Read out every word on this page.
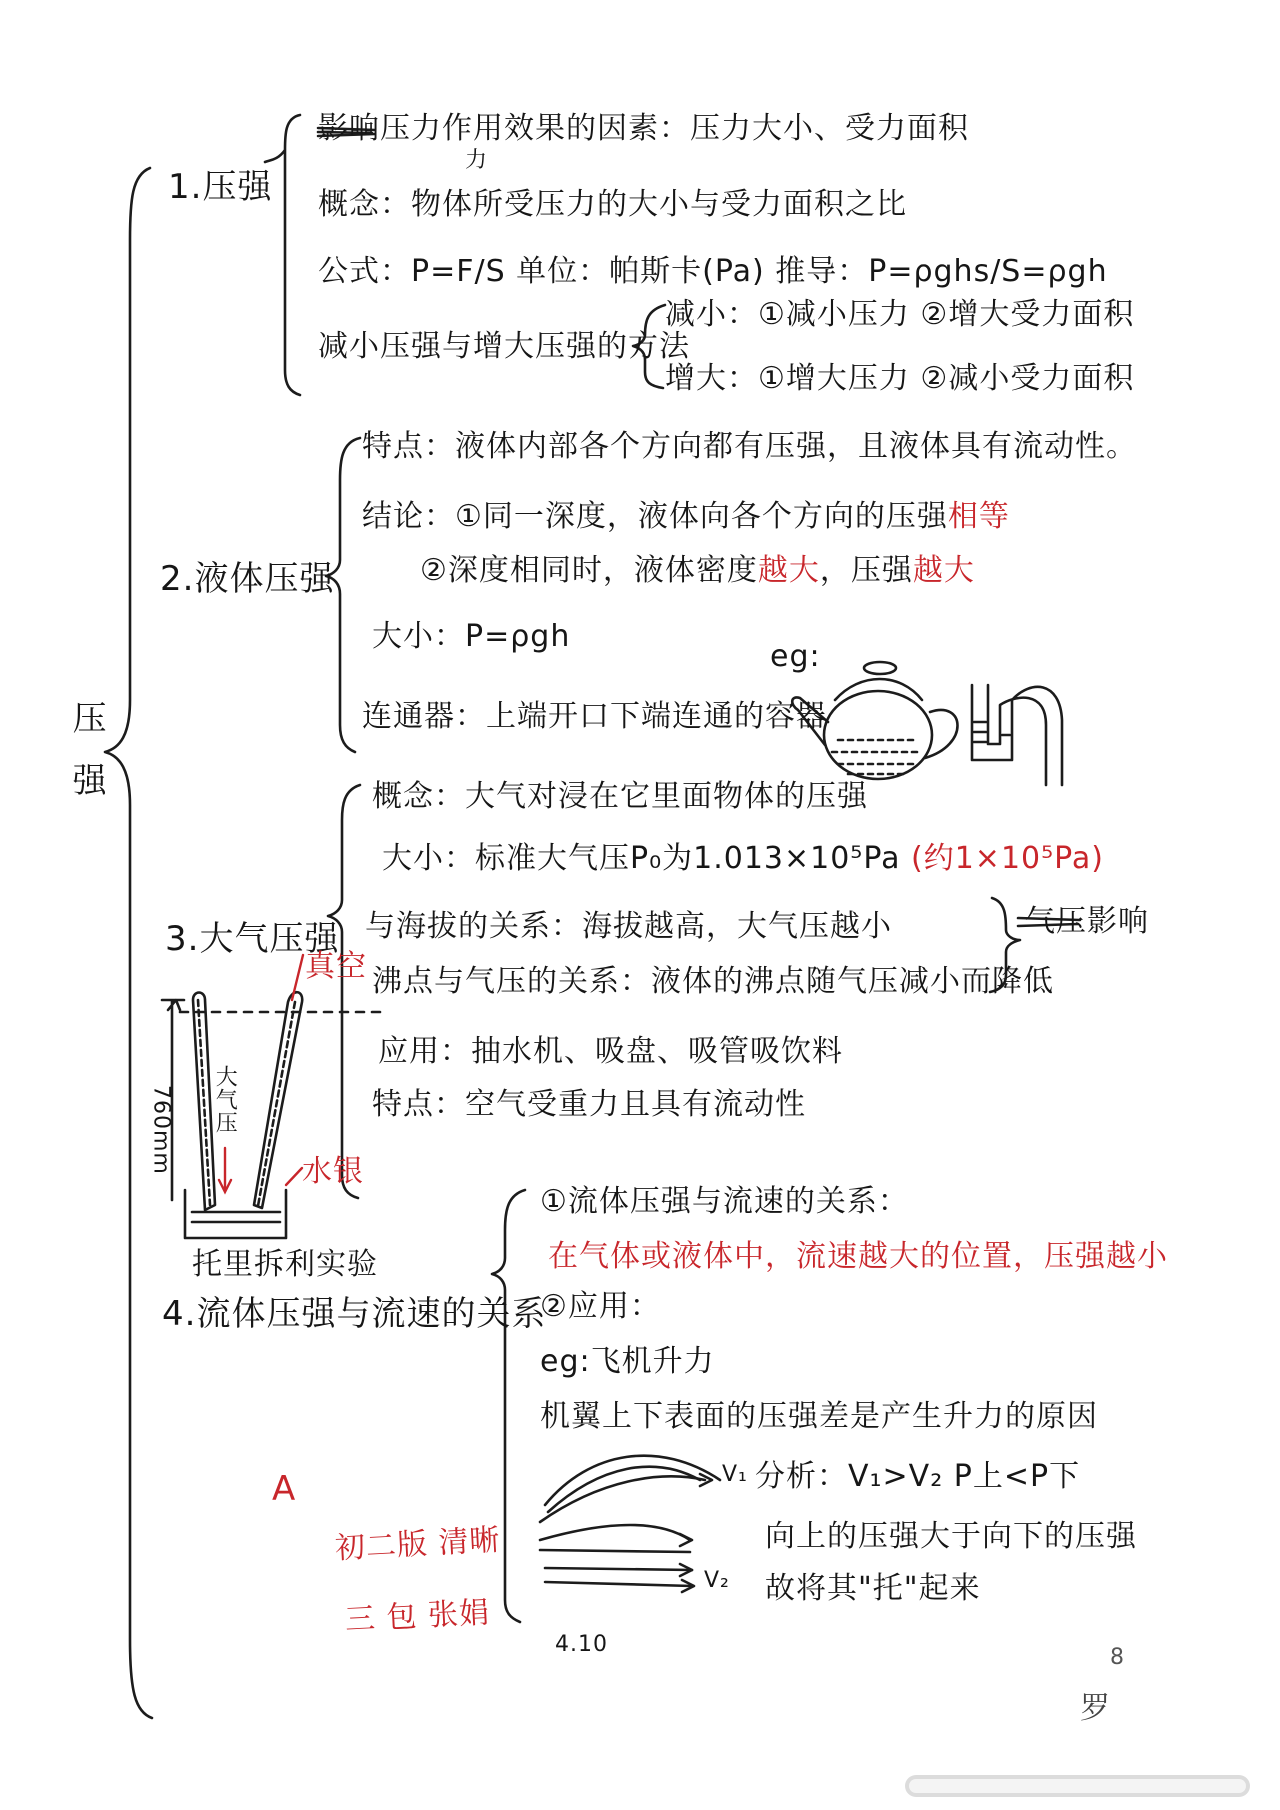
压强
1.压强
影响压力作用效果的因素：压力大小、受力面积
力
概念：物体所受压力的大小与受力面积之比
公式：P=F/S 单位：帕斯卡(Pa) 推导：P=ρghs/S=ρgh
减小压强与增大压强的方法
减小：①减小压力 ②增大受力面积
增大：①增大压力 ②减小受力面积
2.液体压强
特点：液体内部各个方向都有压强，且液体具有流动性。
结论：①同一深度，液体向各个方向的压强相等
②深度相同时，液体密度越大，压强越大
大小：P=ρgh
eg:
连通器：上端开口下端连通的容器
3.大气压强
概念：大气对浸在它里面物体的压强
大小：标准大气压P₀为1.013×10⁵Pa (约1×10⁵Pa)
与海拔的关系：海拔越高，大气压越小
沸点与气压的关系：液体的沸点随气压减小而降低
气压影响
应用：抽水机、吸盘、吸管吸饮料
特点：空气受重力且具有流动性
真空
水银
760mm 大气压
托里拆利实验
4.流体压强与流速的关系
①流体压强与流速的关系：
在气体或液体中，流速越大的位置，压强越小
②应用：
eg:飞机升力
机翼上下表面的压强差是产生升力的原因
V₁
V₂
分析：V₁>V₂ P上<P下
向上的压强大于向下的压强
故将其"托"起来
A
初二版 清晰
三 包 张娟
4.10
8
罗
